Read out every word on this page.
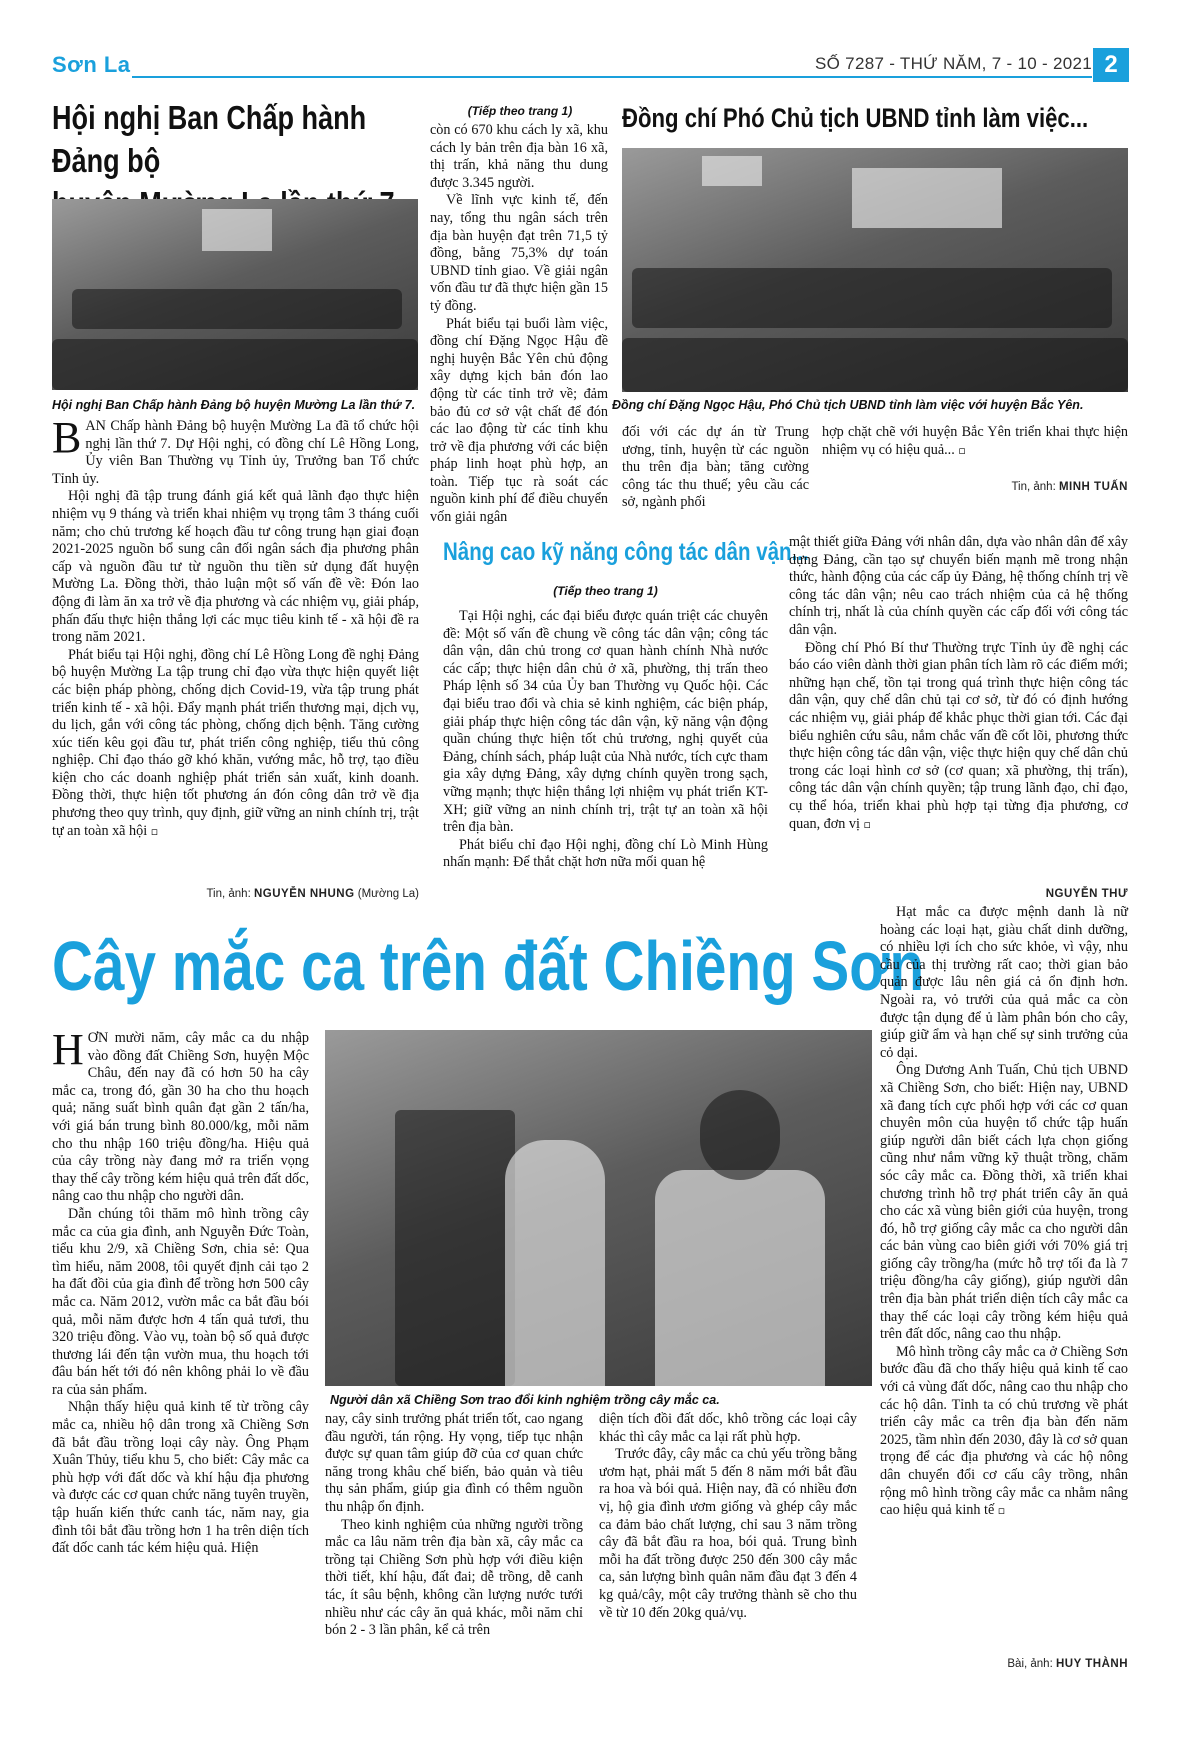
Sơn La	SỐ 7287 - THỨ NĂM, 7 - 10 - 2021 2
Hội nghị Ban Chấp hành Đảng bộ
Hội nghị Ban Chấp hành Đảng bộ huyện Mường La lần thứ 7.

BAN Chấp hành Đảng bộ huyện Mường La đã tổ chức hội nghị lần thứ 7. Dự Hội nghị, có đồng chí Lê Hồng Long, Ủy viên Ban Thường vụ Tỉnh ủy, Trưởng ban Tổ chức Tỉnh ủy.

Hội nghị đã tập trung đánh giá kết quả lãnh đạo thực hiện nhiệm vụ 9 tháng và triển khai nhiệm vụ trọng tâm 3 tháng cuối năm; cho chủ trương kế hoạch đầu tư công trung hạn giai đoạn 2021-2025 nguồn bổ sung cân đối ngân sách địa phương phân cấp và nguồn đầu tư từ nguồn thu tiền sử dụng đất huyện Mường La. Đồng thời, thảo luận một số vấn đề về: Đón lao động đi làm ăn xa trở về địa phương và các nhiệm vụ, giải pháp, phấn đấu thực hiện thắng lợi các mục tiêu kinh tế - xã hội đề ra trong năm 2021.

Phát biểu tại Hội nghị, đồng chí Lê Hồng Long đề nghị Đảng bộ huyện Mường La tập trung chỉ đạo vừa thực hiện quyết liệt các biện pháp phòng, chống dịch Covid-19, vừa tập trung phát triển kinh tế - xã hội. Đẩy mạnh phát triển thương mại, dịch vụ, du lịch, gắn với công tác phòng, chống dịch bệnh. Tăng cường xúc tiến kêu gọi đầu tư, phát triển công nghiệp, tiểu thủ công nghiệp. Chỉ đạo tháo gỡ khó khăn, vướng mắc, hỗ trợ, tạo điều kiện cho các doanh nghiệp phát triển sản xuất, kinh doanh. Đồng thời, thực hiện tốt phương án đón công dân trở về địa phương theo quy trình, quy định, giữ vững an ninh chính trị, trật tự an toàn xã hội ▫

Tin, ảnh: NGUYỄN NHUNG (Mường La)
(Tiếp theo trang 1)

còn có 670 khu cách ly xã, khu cách ly bản trên địa bàn 16 xã, thị trấn, khả năng thu dung được 3.345 người.

Về lĩnh vực kinh tế, đến nay, tổng thu ngân sách trên địa bàn huyện đạt trên 71,5 tỷ đồng, bằng 75,3% dự toán UBND tỉnh giao. Về giải ngân vốn đầu tư đã thực hiện gần 15 tỷ đồng.

Phát biểu tại buổi làm việc, đồng chí Đặng Ngọc Hậu đề nghị huyện Bắc Yên chủ động xây dựng kịch bản đón lao động từ các tỉnh trở về; đảm bảo đủ cơ sở vật chất để đón các lao động từ các tỉnh khu trở về địa phương với các biện pháp linh hoạt phù hợp, an toàn. Tiếp tục rà soát các nguồn kinh phí để điều chuyển vốn giải ngân

Đồng chí Phó Chủ tịch UBND tỉnh làm việc...
Đồng chí Đặng Ngọc Hậu, Phó Chủ tịch UBND tỉnh làm việc với huyện Bắc Yên.

đối với các dự án từ Trung ương, tỉnh, huyện từ các nguồn thu trên địa bàn; tăng cường công tác thu thuế; yêu cầu các sở, ngành phối

hợp chặt chẽ với huyện Bắc Yên triển khai thực hiện nhiệm vụ có hiệu quả... ▫

Tin, ảnh: MINH TUẤN
Nâng cao kỹ năng công tác dân vận...
(Tiếp theo trang 1)

Tại Hội nghị, các đại biểu được quán triệt các chuyên đề: Một số vấn đề chung về công tác dân vận; công tác dân vận, dân chủ trong cơ quan hành chính Nhà nước các cấp; thực hiện dân chủ ở xã, phường, thị trấn theo Pháp lệnh số 34 của Ủy ban Thường vụ Quốc hội. Các đại biểu trao đổi và chia sẻ kinh nghiệm, các biện pháp, giải pháp thực hiện công tác dân vận, kỹ năng vận động quần chúng thực hiện tốt chủ trương, nghị quyết của Đảng, chính sách, pháp luật của Nhà nước, tích cực tham gia xây dựng Đảng, xây dựng chính quyền trong sạch, vững mạnh; thực hiện thắng lợi nhiệm vụ phát triển KT-XH; giữ vững an ninh chính trị, trật tự an toàn xã hội trên địa bàn.

Phát biểu chỉ đạo Hội nghị, đồng chí Lò Minh Hùng nhấn mạnh: Để thắt chặt hơn nữa mối quan hệ

mật thiết giữa Đảng với nhân dân, dựa vào nhân dân để xây dựng Đảng, cần tạo sự chuyển biến mạnh mẽ trong nhận thức, hành động của các cấp ủy Đảng, hệ thống chính trị về công tác dân vận; nêu cao trách nhiệm của cả hệ thống chính trị, nhất là của chính quyền các cấp đối với công tác dân vận.

Đồng chí Phó Bí thư Thường trực Tỉnh ủy đề nghị các báo cáo viên dành thời gian phân tích làm rõ các điểm mới; những hạn chế, tồn tại trong quá trình thực hiện công tác dân vận, quy chế dân chủ tại cơ sở, từ đó có định hướng các nhiệm vụ, giải pháp để khắc phục thời gian tới. Các đại biểu nghiên cứu sâu, nắm chắc vấn đề cốt lõi, phương thức thực hiện công tác dân vận, việc thực hiện quy chế dân chủ trong các loại hình cơ sở (cơ quan; xã phường, thị trấn), công tác dân vận chính quyền; tập trung lãnh đạo, chỉ đạo, cụ thể hóa, triển khai phù hợp tại từng địa phương, cơ quan, đơn vị ▫

NGUYỄN THƯ
Cây mắc ca trên đất Chiềng Sơn

HƠN mười năm, cây mắc ca du nhập vào đồng đất Chiềng Sơn, huyện Mộc Châu, đến nay đã có hơn 50 ha cây mắc ca, trong đó, gần 30 ha cho thu hoạch quả; năng suất bình quân đạt gần 2 tấn/ha, với giá bán trung bình 80.000/kg, mỗi năm cho thu nhập 160 triệu đồng/ha. Hiệu quả của cây trồng này đang mở ra triển vọng thay thế cây trồng kém hiệu quả trên đất dốc, nâng cao thu nhập cho người dân.

Dẫn chúng tôi thăm mô hình trồng cây mắc ca của gia đình, anh Nguyễn Đức Toàn, tiểu khu 2/9, xã Chiềng Sơn, chia sẻ: Qua tìm hiểu, năm 2008, tôi quyết định cải tạo 2 ha đất đồi của gia đình để trồng hơn 500 cây mắc ca. Năm 2012, vườn mắc ca bắt đầu bói quả, mỗi năm được hơn 4 tấn quả tươi, thu 320 triệu đồng. Vào vụ, toàn bộ số quả được thương lái đến tận vườn mua, thu hoạch tới đâu bán hết tới đó nên không phải lo về đầu ra của sản phẩm.

Nhận thấy hiệu quả kinh tế từ trồng cây mắc ca, nhiều hộ dân trong xã Chiềng Sơn đã bắt đầu trồng loại cây này. Ông Phạm Xuân Thủy, tiểu khu 5, cho biết: Cây mắc ca phù hợp với đất dốc và khí hậu địa phương và được các cơ quan chức năng tuyên truyền, tập huấn kiến thức canh tác, năm nay, gia đình tôi bắt đầu trồng hơn 1 ha trên diện tích đất dốc canh tác kém hiệu quả. Hiện

Người dân xã Chiềng Sơn trao đổi kinh nghiệm trồng cây mắc ca.

nay, cây sinh trưởng phát triển tốt, cao ngang đầu người, tán rộng. Hy vọng, tiếp tục nhận được sự quan tâm giúp đỡ của cơ quan chức năng trong khâu chế biến, bảo quản và tiêu thụ sản phẩm, giúp gia đình có thêm nguồn thu nhập ổn định.

Theo kinh nghiệm của những người trồng mắc ca lâu năm trên địa bàn xã, cây mắc ca trồng tại Chiềng Sơn phù hợp với điều kiện thời tiết, khí hậu, đất đai; dễ trồng, dễ canh tác, ít sâu bệnh, không cần lượng nước tưới nhiều như các cây ăn quả khác, mỗi năm chỉ bón 2 - 3 lần phân, kể cả trên

diện tích đồi đất dốc, khô trồng các loại cây khác thì cây mắc ca lại rất phù hợp.

Trước đây, cây mắc ca chủ yếu trồng bằng ươm hạt, phải mất 5 đến 8 năm mới bắt đầu ra hoa và bói quả. Hiện nay, đã có nhiều đơn vị, hộ gia đình ươm giống và ghép cây mắc ca đảm bảo chất lượng, chỉ sau 3 năm trồng cây đã bắt đầu ra hoa, bói quả. Trung bình mỗi ha đất trồng được 250 đến 300 cây mắc ca, sản lượng bình quân năm đầu đạt 3 đến 4 kg quả/cây, một cây trưởng thành sẽ cho thu về từ 10 đến 20kg quả/vụ.

Hạt mắc ca được mệnh danh là nữ hoàng các loại hạt, giàu chất dinh dưỡng, có nhiều lợi ích cho sức khỏe, vì vậy, nhu cầu của thị trường rất cao; thời gian bảo quản được lâu nên giá cả ổn định hơn. Ngoài ra, vỏ trưởi của quả mắc ca còn được tận dụng để ủ làm phân bón cho cây, giúp giữ ẩm và hạn chế sự sinh trưởng của cỏ dại.

Ông Dương Anh Tuấn, Chủ tịch UBND xã Chiềng Sơn, cho biết: Hiện nay, UBND xã đang tích cực phối hợp với các cơ quan chuyên môn của huyện tổ chức tập huấn giúp người dân biết cách lựa chọn giống cũng như nắm vững kỹ thuật trồng, chăm sóc cây mắc ca. Đồng thời, xã triển khai chương trình hỗ trợ phát triển cây ăn quả cho các xã vùng biên giới của huyện, trong đó, hỗ trợ giống cây mắc ca cho người dân các bản vùng cao biên giới với 70% giá trị giống cây trồng/ha (mức hỗ trợ tối đa là 7 triệu đồng/ha cây giống), giúp người dân trên địa bàn phát triển diện tích cây mắc ca thay thế các loại cây trồng kém hiệu quả trên đất dốc, nâng cao thu nhập.

Mô hình trồng cây mắc ca ở Chiềng Sơn bước đầu đã cho thấy hiệu quả kinh tế cao với cả vùng đất dốc, nâng cao thu nhập cho các hộ dân. Tỉnh ta có chủ trương về phát triển cây mắc ca trên địa bàn đến năm 2025, tầm nhìn đến 2030, đây là cơ sở quan trọng để các địa phương và các hộ nông dân chuyển đổi cơ cấu cây trồng, nhân rộng mô hình trồng cây mắc ca nhằm nâng cao hiệu quả kinh tế ▫

Bài, ảnh: HUY THÀNH
